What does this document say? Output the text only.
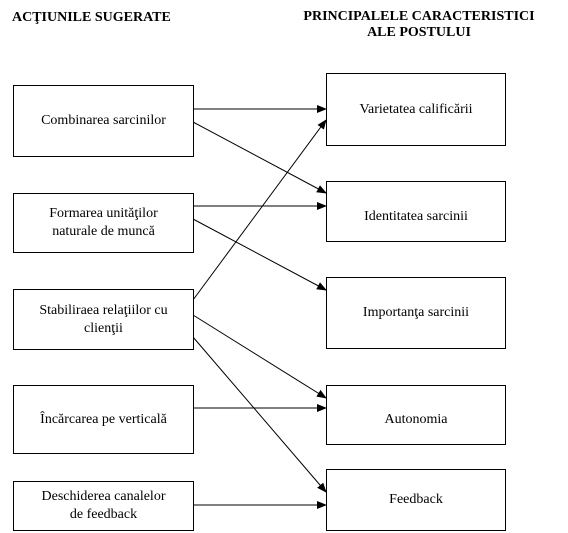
ACŢIUNILE SUGERATE	PRINCIPALELE CARACTERISTICI
ALE POSTULUI
Combinarea sarcinilor
Formarea unităţilor
naturale de muncă
Stabiliraea relaţiilor cu
clienţii
Încărcarea pe verticală
Deschiderea canalelor
de feedback
Varietatea calificării
Identitatea sarcinii
Importanţa sarcinii
Autonomia
Feedback
